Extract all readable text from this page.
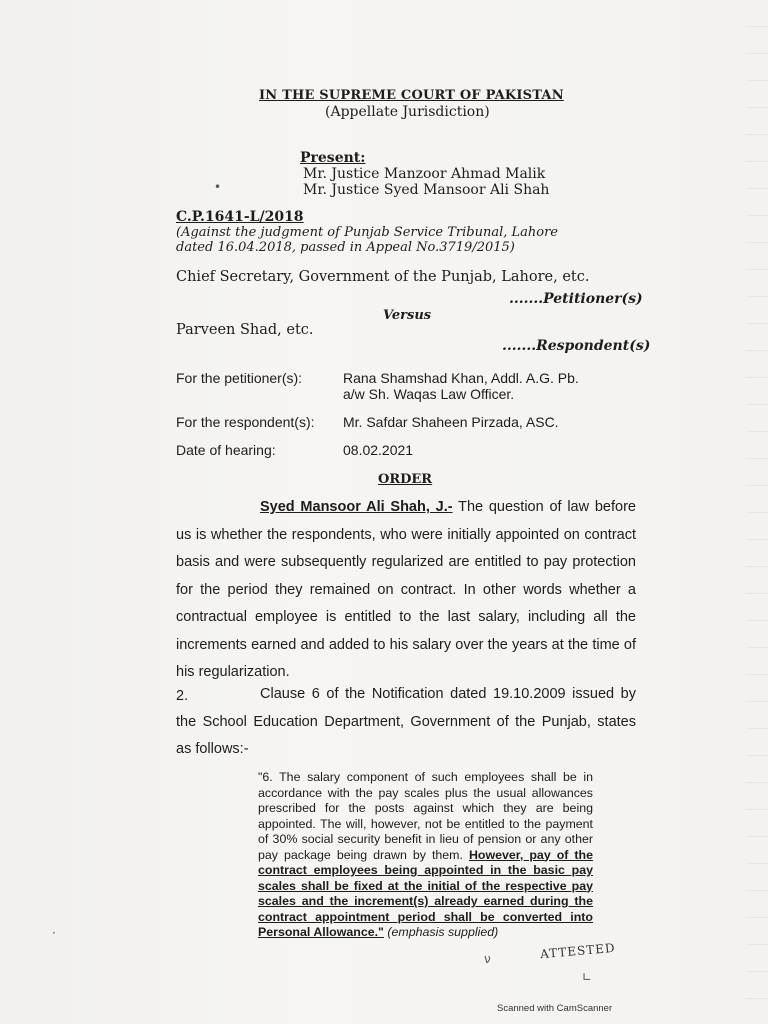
IN THE SUPREME COURT OF PAKISTAN
(Appellate Jurisdiction)
Present:
Mr. Justice Manzoor Ahmad Malik
Mr. Justice Syed Mansoor Ali Shah
C.P.1641-L/2018
(Against the judgment of Punjab Service Tribunal, Lahore
dated 16.04.2018, passed in Appeal No.3719/2015)
Chief Secretary, Government of the Punjab, Lahore, etc.
.......Petitioner(s)
Versus
Parveen Shad, etc.
.......Respondent(s)
For the petitioner(s):	Rana Shamshad Khan, Addl. A.G. Pb.
a/w Sh. Waqas Law Officer.
For the respondent(s): Mr. Safdar Shaheen Pirzada, ASC.
Date of hearing:	08.02.2021
ORDER
Syed Mansoor Ali Shah, J.- The question of law before us is whether the respondents, who were initially appointed on contract basis and were subsequently regularized are entitled to pay protection for the period they remained on contract. In other words whether a contractual employee is entitled to the last salary, including all the increments earned and added to his salary over the years at the time of his regularization.
2.	Clause 6 of the Notification dated 19.10.2009 issued by the School Education Department, Government of the Punjab, states as follows:-
"6. The salary component of such employees shall be in accordance with the pay scales plus the usual allowances prescribed for the posts against which they are being appointed. The will, however, not be entitled to the payment of 30% social security benefit in lieu of pension or any other pay package being drawn by them. However, pay of the contract employees being appointed in the basic pay scales shall be fixed at the initial of the respective pay scales and the increment(s) already earned during the contract appointment period shall be converted into Personal Allowance." (emphasis supplied)
ATTESTED
Scanned with CamScanner
•
ν
∟
·
